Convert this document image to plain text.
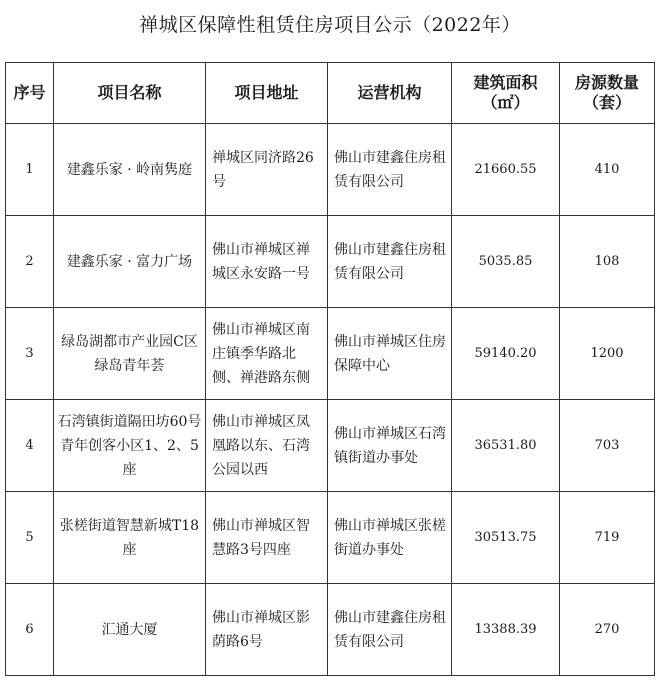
禅城区保障性租赁住房项目公示（2022年）
序号	项目名称	项目地址	运营机构	建筑面积（㎡）	房源数量（套）
1	建鑫乐家 · 岭南隽庭	禅城区同济路26号	佛山市建鑫住房租赁有限公司	21660.55	410
2	建鑫乐家 · 富力广场	佛山市禅城区禅城区永安路一号	佛山市建鑫住房租赁有限公司	5035.85	108
3	绿岛湖都市产业园C区绿岛青年荟	佛山市禅城区南庄镇季华路北侧、禅港路东侧	佛山市禅城区住房保障中心	59140.20	1200
4	石湾镇街道隔田坊60号青年创客小区1、2、5座	佛山市禅城区凤凰路以东、石湾公园以西	佛山市禅城区石湾镇街道办事处	36531.80	703
5	张槎街道智慧新城T18座	佛山市禅城区智慧路3号四座	佛山市禅城区张槎街道办事处	30513.75	719
6	汇通大厦	佛山市禅城区影荫路6号	佛山市建鑫住房租赁有限公司	13388.39	270
